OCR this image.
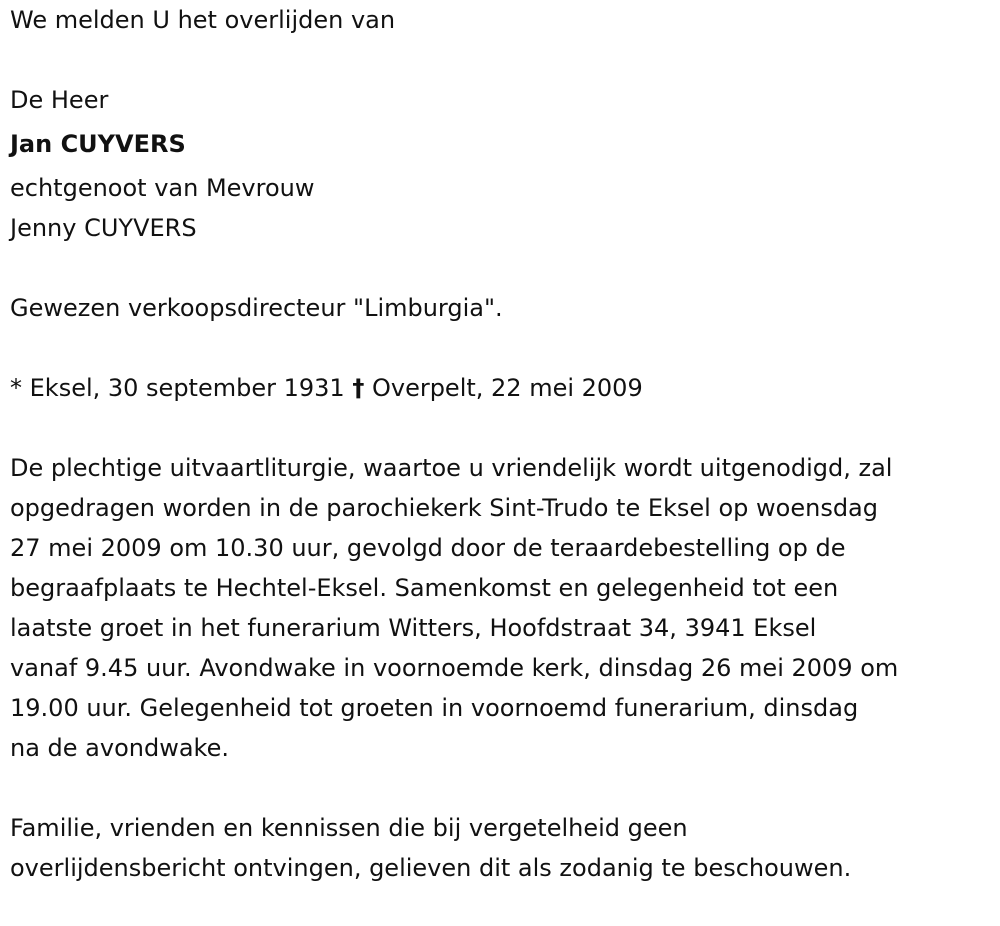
We melden U het overlijden van
De Heer
Jan CUYVERS
echtgenoot van Mevrouw
Jenny CUYVERS
Gewezen verkoopsdirecteur "Limburgia".
* Eksel, 30 september 1931 † Overpelt, 22 mei 2009
De plechtige uitvaartliturgie, waartoe u vriendelijk wordt uitgenodigd, zal
opgedragen worden in de parochiekerk Sint-Trudo te Eksel op woensdag
27 mei 2009 om 10.30 uur, gevolgd door de teraardebestelling op de
begraafplaats te Hechtel-Eksel. Samenkomst en gelegenheid tot een
laatste groet in het funerarium Witters, Hoofdstraat 34, 3941 Eksel
vanaf 9.45 uur. Avondwake in voornoemde kerk, dinsdag 26 mei 2009 om
19.00 uur. Gelegenheid tot groeten in voornoemd funerarium, dinsdag
na de avondwake.
Familie, vrienden en kennissen die bij vergetelheid geen
overlijdensbericht ontvingen, gelieven dit als zodanig te beschouwen.
